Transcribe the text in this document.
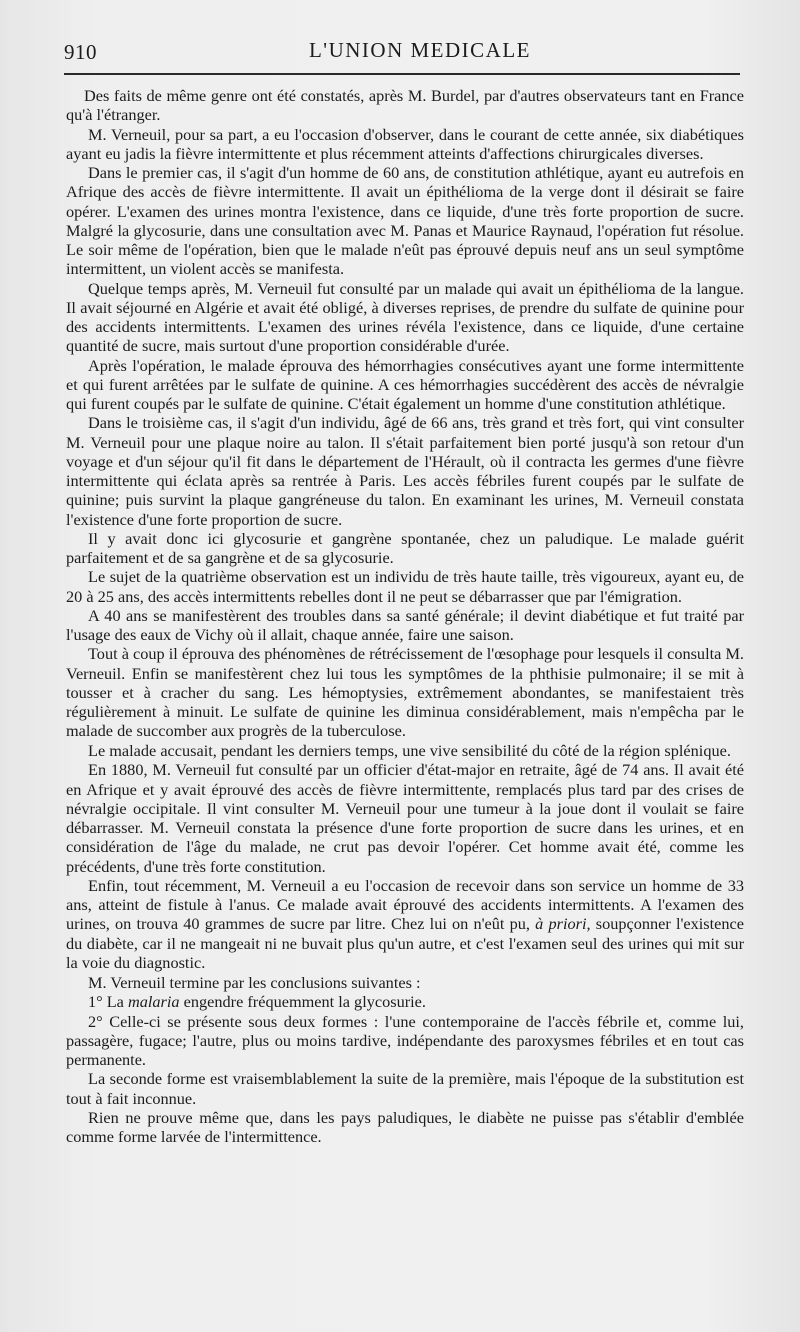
910	L'UNION MEDICALE

Des faits de même genre ont été constatés, après M. Burdel, par d'autres observateurs tant en France qu'à l'étranger.

M. Verneuil, pour sa part, a eu l'occasion d'observer, dans le courant de cette année, six diabétiques ayant eu jadis la fièvre intermittente et plus récemment atteints d'affections chirurgicales diverses.

Dans le premier cas, il s'agit d'un homme de 60 ans, de constitution athlétique, ayant eu autrefois en Afrique des accès de fièvre intermittente. Il avait un épithélioma de la verge dont il désirait se faire opérer. L'examen des urines montra l'existence, dans ce liquide, d'une très forte proportion de sucre. Malgré la glycosurie, dans une consultation avec M. Panas et Maurice Raynaud, l'opération fut résolue. Le soir même de l'opération, bien que le malade n'eût pas éprouvé depuis neuf ans un seul symptôme intermittent, un violent accès se manifesta.

Quelque temps après, M. Verneuil fut consulté par un malade qui avait un épithélioma de la langue. Il avait séjourné en Algérie et avait été obligé, à diverses reprises, de prendre du sulfate de quinine pour des accidents intermittents. L'examen des urines révéla l'existence, dans ce liquide, d'une certaine quantité de sucre, mais surtout d'une proportion considérable d'urée.

Après l'opération, le malade éprouva des hémorrhagies consécutives ayant une forme intermittente et qui furent arrêtées par le sulfate de quinine. A ces hémorrhagies succédèrent des accès de névralgie qui furent coupés par le sulfate de quinine. C'était également un homme d'une constitution athlétique.

Dans le troisième cas, il s'agit d'un individu, âgé de 66 ans, très grand et très fort, qui vint consulter M. Verneuil pour une plaque noire au talon. Il s'était parfaitement bien porté jusqu'à son retour d'un voyage et d'un séjour qu'il fit dans le département de l'Hérault, où il contracta les germes d'une fièvre intermittente qui éclata après sa rentrée à Paris. Les accès fébriles furent coupés par le sulfate de quinine; puis survint la plaque gangréneuse du talon. En examinant les urines, M. Verneuil constata l'existence d'une forte proportion de sucre.

Il y avait donc ici glycosurie et gangrène spontanée, chez un paludique. Le malade guérit parfaitement et de sa gangrène et de sa glycosurie.

Le sujet de la quatrième observation est un individu de très haute taille, très vigoureux, ayant eu, de 20 à 25 ans, des accès intermittents rebelles dont il ne peut se débarrasser que par l'émigration.

A 40 ans se manifestèrent des troubles dans sa santé générale; il devint diabétique et fut traité par l'usage des eaux de Vichy où il allait, chaque année, faire une saison.

Tout à coup il éprouva des phénomènes de rétrécissement de l'œsophage pour lesquels il consulta M. Verneuil. Enfin se manifestèrent chez lui tous les symptômes de la phthisie pulmonaire; il se mit à tousser et à cracher du sang. Les hémoptysies, extrêmement abondantes, se manifestaient très régulièrement à minuit. Le sulfate de quinine les diminua considérablement, mais n'empêcha par le malade de succomber aux progrès de la tuberculose.

Le malade accusait, pendant les derniers temps, une vive sensibilité du côté de la région splénique.

En 1880, M. Verneuil fut consulté par un officier d'état-major en retraite, âgé de 74 ans. Il avait été en Afrique et y avait éprouvé des accès de fièvre intermittente, remplacés plus tard par des crises de névralgie occipitale. Il vint consulter M. Verneuil pour une tumeur à la joue dont il voulait se faire débarrasser. M. Verneuil constata la présence d'une forte proportion de sucre dans les urines, et en considération de l'âge du malade, ne crut pas devoir l'opérer. Cet homme avait été, comme les précédents, d'une très forte constitution.

Enfin, tout récemment, M. Verneuil a eu l'occasion de recevoir dans son service un homme de 33 ans, atteint de fistule à l'anus. Ce malade avait éprouvé des accidents intermittents. A l'examen des urines, on trouva 40 grammes de sucre par litre. Chez lui on n'eût pu, à priori, soupçonner l'existence du diabète, car il ne mangeait ni ne buvait plus qu'un autre, et c'est l'examen seul des urines qui mit sur la voie du diagnostic.

M. Verneuil termine par les conclusions suivantes :

1° La malaria engendre fréquemment la glycosurie.

2° Celle-ci se présente sous deux formes : l'une contemporaine de l'accès fébrile et, comme lui, passagère, fugace; l'autre, plus ou moins tardive, indépendante des paroxysmes fébriles et en tout cas permanente.

La seconde forme est vraisemblablement la suite de la première, mais l'époque de la substitution est tout à fait inconnue.

Rien ne prouve même que, dans les pays paludiques, le diabète ne puisse pas s'établir d'emblée comme forme larvée de l'intermittence.
